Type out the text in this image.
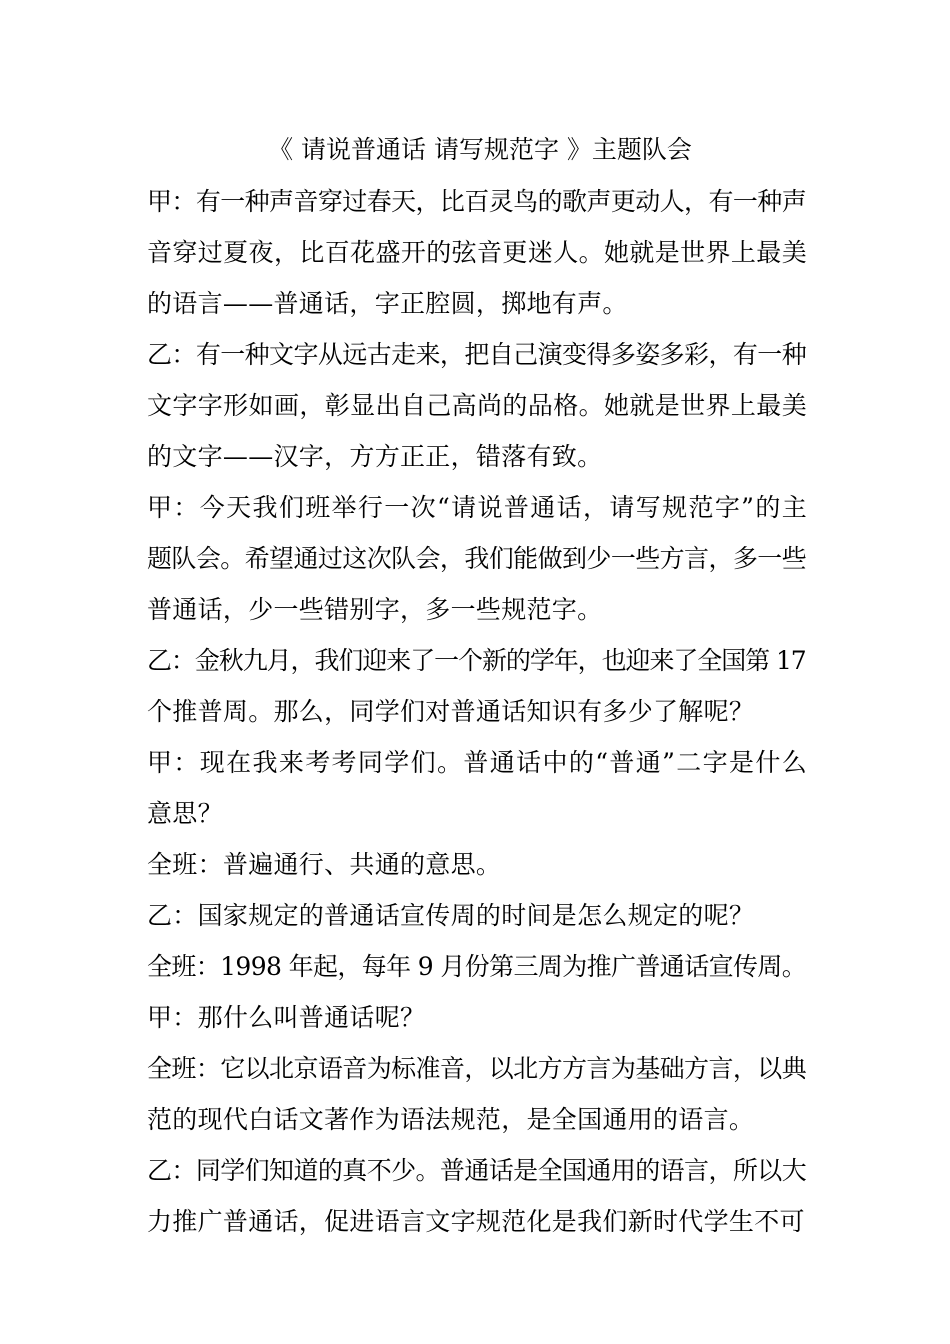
《 请说普通话 请写规范字 》主题队会
甲：有一种声音穿过春天，比百灵鸟的歌声更动人，有一种声
音穿过夏夜，比百花盛开的弦音更迷人。她就是世界上最美
的语言——普通话，字正腔圆，掷地有声。
乙：有一种文字从远古走来，把自己演变得多姿多彩，有一种
文字字形如画，彰显出自己高尚的品格。她就是世界上最美
的文字——汉字，方方正正，错落有致。
甲：今天我们班举行一次“请说普通话，请写规范字”的主
题队会。希望通过这次队会，我们能做到少一些方言，多一些
普通话，少一些错别字，多一些规范字。
乙：金秋九月，我们迎来了一个新的学年，也迎来了全国第 17
个推普周。那么，同学们对普通话知识有多少了解呢？
甲：现在我来考考同学们。普通话中的“普通”二字是什么
意思？
全班：普遍通行、共通的意思。
乙：国家规定的普通话宣传周的时间是怎么规定的呢？
全班：1998 年起，每年 9 月份第三周为推广普通话宣传周。
甲：那什么叫普通话呢？
全班：它以北京语音为标准音，以北方方言为基础方言，以典
范的现代白话文著作为语法规范，是全国通用的语言。
乙：同学们知道的真不少。普通话是全国通用的语言，所以大
力推广普通话，促进语言文字规范化是我们新时代学生不可
